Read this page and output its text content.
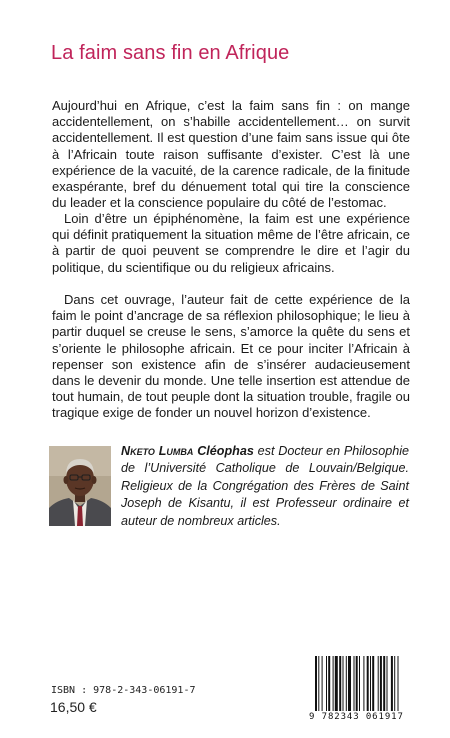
La faim sans fin en Afrique

Aujourd’hui en Afrique, c’est la faim sans fin : on mange accidentellement, on s’habille accidentellement… on survit accidentellement. Il est question d’une faim sans issue qui ôte à l’Africain toute raison suffisante d’exister. C’est là une expérience de la vacuité, de la carence radicale, de la finitude exaspérante, bref du dénuement total qui tire la conscience du leader et la conscience populaire du côté de l’estomac.

Loin d’être un épiphénomène, la faim est une expérience qui définit pratiquement la situation même de l’être africain, ce à partir de quoi peuvent se comprendre le dire et l’agir du politique, du scientifique ou du religieux africains.

Dans cet ouvrage, l’auteur fait de cette expérience de la faim le point d’ancrage de sa réflexion philosophique; le lieu à partir duquel se creuse le sens, s’amorce la quête du sens et s’oriente le philosophe africain. Et ce pour inciter l’Africain à repenser son existence afin de s’insérer audacieusement dans le devenir du monde. Une telle insertion est attendue de tout humain, de tout peuple dont la situation trouble, fragile ou tragique exige de fonder un nouvel horizon d’existence.

Nketo Lumba Cléophas est Docteur en Philosophie de l’Université Catholique de Louvain/Belgique. Religieux de la Congrégation des Frères de Saint Joseph de Kisantu, il est Professeur ordinaire et auteur de nombreux articles.

ISBN : 978-2-343-06191-7
16,50 €
9 782343 061917
